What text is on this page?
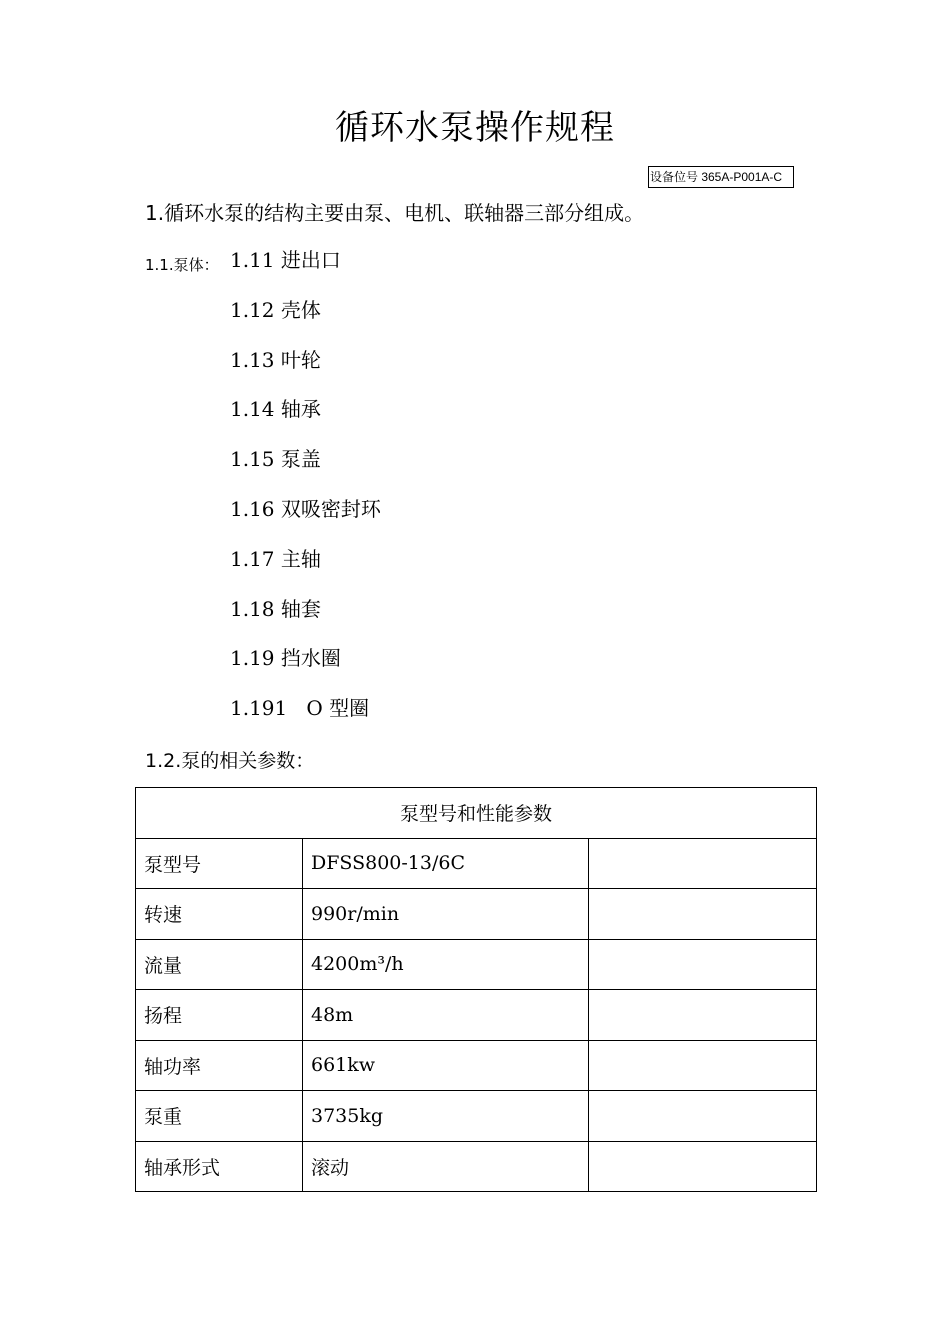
循环水泵操作规程
设备位号 365A-P001A-C
1.循环水泵的结构主要由泵、电机、联轴器三部分组成。
1.1.泵体： 1.11 进出口
1.12 壳体
1.13 叶轮
1.14 轴承
1.15 泵盖
1.16 双吸密封环
1.17 主轴
1.18 轴套
1.19 挡水圈
1.191   O 型圈
1.2.泵的相关参数：
泵型号和性能参数		
泵型号	DFSS800-13/6C	
转速	990r/min	
流量	4200m³/h	
扬程	48m	
轴功率	661kw	
泵重	3735kg	
轴承形式	滚动	
